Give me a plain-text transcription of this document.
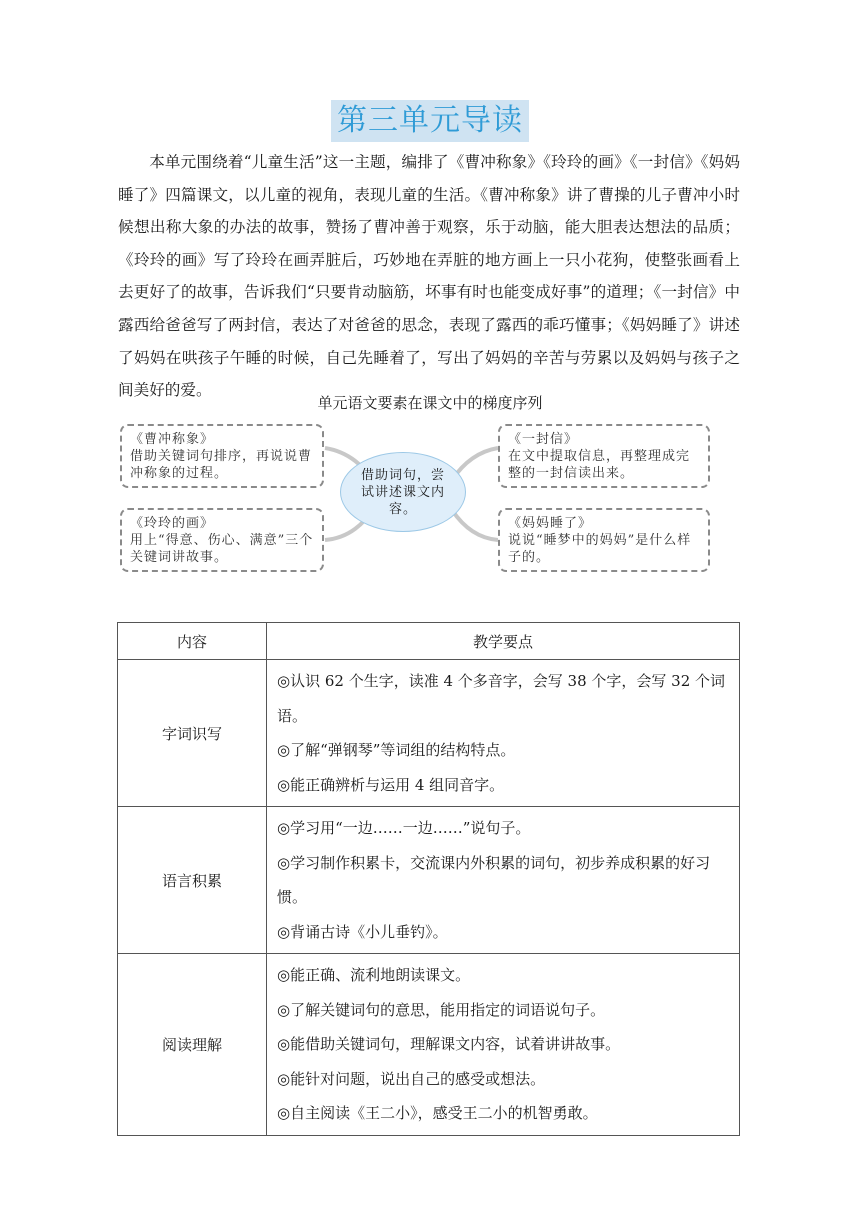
第三单元导读

本单元围绕着“儿童生活”这一主题，编排了《曹冲称象》《玲玲的画》《一封信》《妈妈睡了》四篇课文，以儿童的视角，表现儿童的生活。《曹冲称象》讲了曹操的儿子曹冲小时候想出称大象的办法的故事，赞扬了曹冲善于观察，乐于动脑，能大胆表达想法的品质；《玲玲的画》写了玲玲在画弄脏后，巧妙地在弄脏的地方画上一只小花狗，使整张画看上去更好了的故事，告诉我们“只要肯动脑筋，坏事有时也能变成好事”的道理；《一封信》中露西给爸爸写了两封信，表达了对爸爸的思念，表现了露西的乖巧懂事；《妈妈睡了》讲述了妈妈在哄孩子午睡的时候，自己先睡着了，写出了妈妈的辛苦与劳累以及妈妈与孩子之间美好的爱。

单元语文要素在课文中的梯度序列
《曹冲称象》
借助关键词句排序，再说说曹冲称象的过程。
《玲玲的画》
用上“得意、伤心、满意”三个关键词讲故事。
《一封信》
在文中提取信息，再整理成完整的一封信读出来。
《妈妈睡了》
说说“睡梦中的妈妈”是什么样子的。
借助词句，尝试讲述课文内容。
内容	教学要点
字词识写	◎认识 62 个生字，读准 4 个多音字，会写 38 个字，会写 32 个词语。
◎了解“弹钢琴”等词组的结构特点。
◎能正确辨析与运用 4 组同音字。

语言积累	◎学习用“一边……一边……”说句子。
◎学习制作积累卡，交流课内外积累的词句，初步养成积累的好习惯。
◎背诵古诗《小儿垂钓》。

阅读理解	◎能正确、流利地朗读课文。
◎了解关键词句的意思，能用指定的词语说句子。
◎能借助关键词句，理解课文内容，试着讲讲故事。
◎能针对问题，说出自己的感受或想法。
◎自主阅读《王二小》，感受王二小的机智勇敢。
